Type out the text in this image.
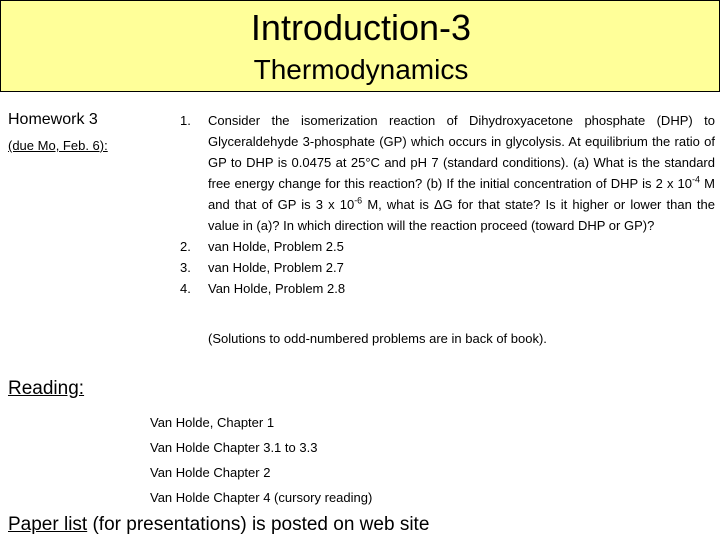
Introduction-3
Thermodynamics
Homework 3
(due Mo, Feb. 6):
1. Consider the isomerization reaction of Dihydroxyacetone phosphate (DHP) to Glyceraldehyde 3-phosphate (GP) which occurs in glycolysis. At equilibrium the ratio of GP to DHP is 0.0475 at 25°C and pH 7 (standard conditions). (a) What is the standard free energy change for this reaction? (b) If the initial concentration of DHP is 2 x $10^{-4}$ M and that of GP is 3 x $10^{-6}$ M, what is ΔG for that state? Is it higher or lower than the value in (a)? In which direction will the reaction proceed (toward DHP or GP)?
2. van Holde, Problem 2.5
3. van Holde, Problem 2.7
4. Van Holde, Problem 2.8
(Solutions to odd-numbered problems are in back of book).
Reading:
Van Holde, Chapter 1
Van Holde Chapter 3.1 to 3.3
Van Holde Chapter 2
Van Holde Chapter 4 (cursory reading)
Paper list (for presentations) is posted on web site
